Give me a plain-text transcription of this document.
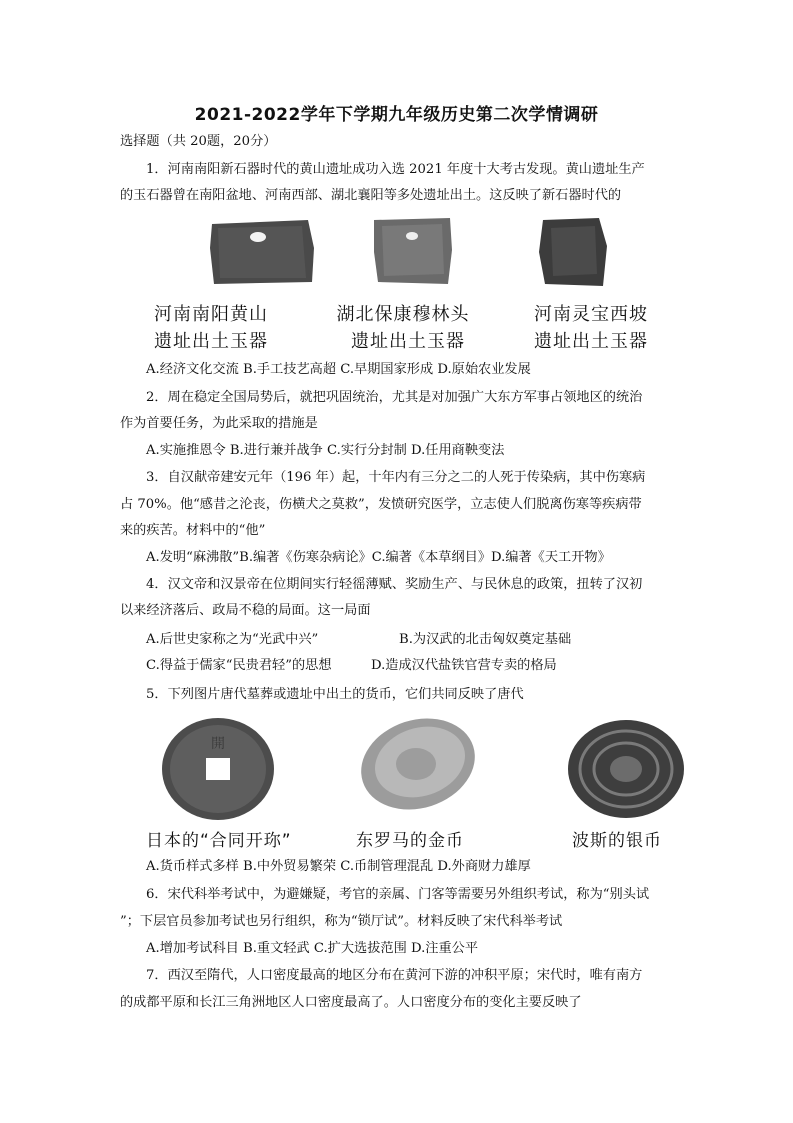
2021-2022学年下学期九年级历史第二次学情调研
选择题（共 20题，20分）
1．河南南阳新石器时代的黄山遗址成功入选 2021 年度十大考古发现。黄山遗址生产
的玉石器曾在南阳盆地、河南西部、湖北襄阳等多处遗址出土。这反映了新石器时代的
河南南阳黄山
遗址出土玉器
湖北保康穆林头
遗址出土玉器
河南灵宝西坡
遗址出土玉器
A.经济文化交流 B.手工技艺高超 C.早期国家形成 D.原始农业发展
2．周在稳定全国局势后，就把巩固统治，尤其是对加强广大东方军事占领地区的统治
作为首要任务，为此采取的措施是
A.实施推恩令 B.进行兼并战争 C.实行分封制 D.任用商鞅变法
3．自汉献帝建安元年（196 年）起，十年内有三分之二的人死于传染病，其中伤寒病
占 70%。他“感昔之沦丧，伤横犬之莫救”，发愤研究医学，立志使人们脱离伤寒等疾病带
来的疾苦。材料中的“他”
A.发明“麻沸散”B.编著《伤寒杂病论》C.编著《本草纲目》D.编著《天工开物》
4．汉文帝和汉景帝在位期间实行轻徭薄赋、奖励生产、与民休息的政策，扭转了汉初
以来经济落后、政局不稳的局面。这一局面
A.后世史家称之为“光武中兴”	B.为汉武的北击匈奴奠定基础
C.得益于儒家“民贵君轻”的思想	D.造成汉代盐铁官营专卖的格局
5．下列图片唐代墓葬或遗址中出土的货币，它们共同反映了唐代
開
日本的“合同开珎”	东罗马的金币	波斯的银币
A.货币样式多样 B.中外贸易繁荣 C.币制管理混乱 D.外商财力雄厚
6．宋代科举考试中，为避嫌疑，考官的亲属、门客等需要另外组织考试，称为“别头试
”；下层官员参加考试也另行组织，称为“锁厅试”。材料反映了宋代科举考试
A.增加考试科目 B.重文轻武 C.扩大选拔范围 D.注重公平
7．西汉至隋代，人口密度最高的地区分布在黄河下游的冲积平原；宋代时，唯有南方
的成都平原和长江三角洲地区人口密度最高了。人口密度分布的变化主要反映了
